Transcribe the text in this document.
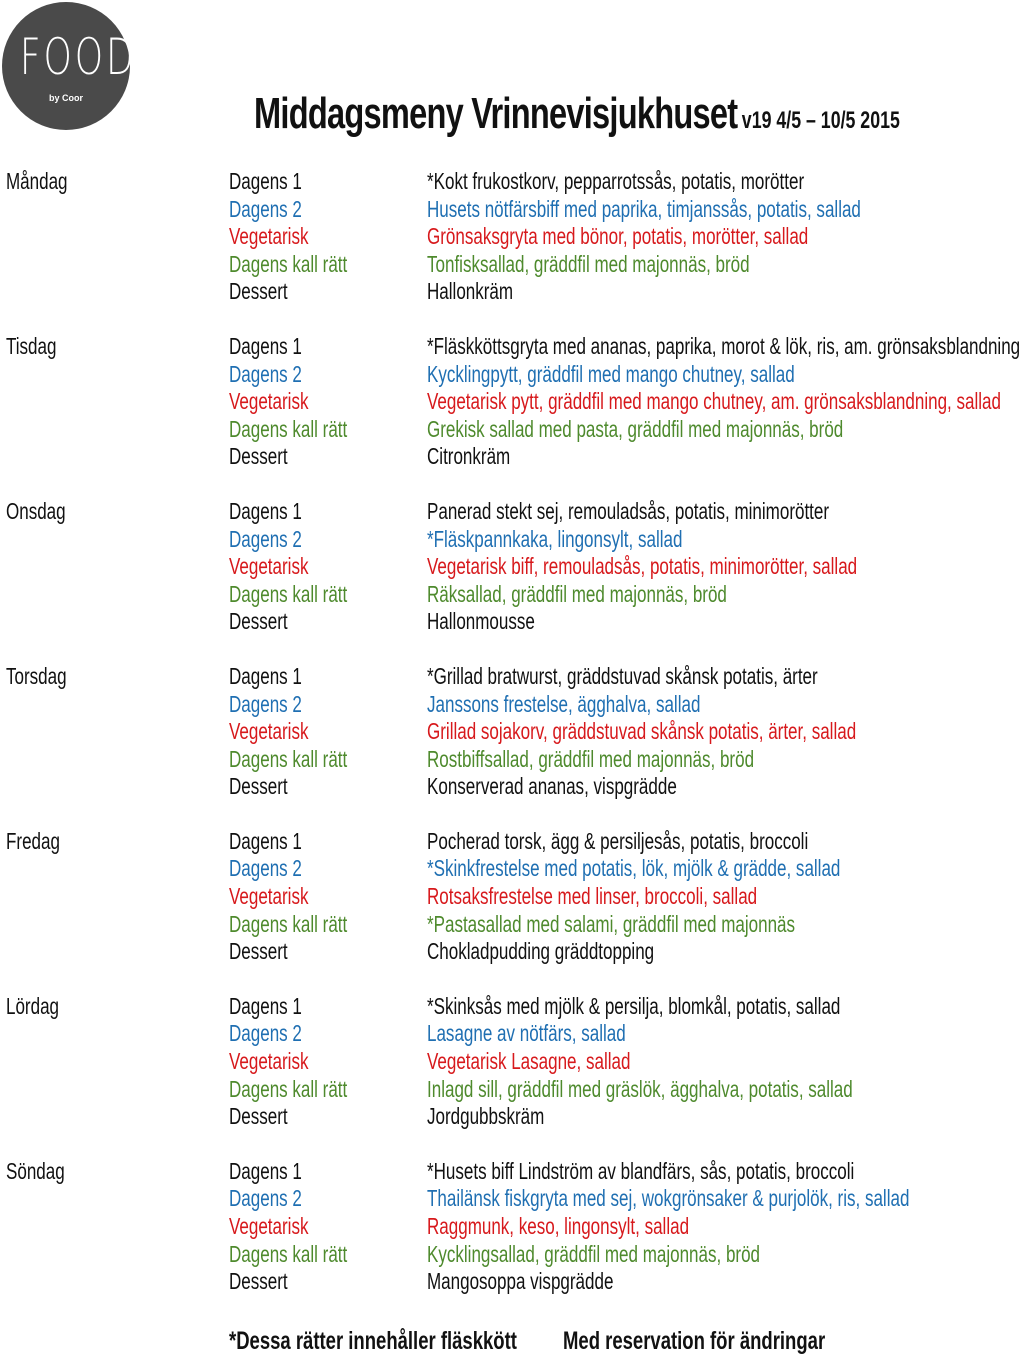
FOOD
by Coor	Middagsmeny Vrinnevisjukhuset v19 4/5 – 10/5 2015
Måndag	Dagens 1	*Kokt frukostkorv, pepparrotssås, potatis, morötter
Dagens 2	Husets nötfärsbiff med paprika, timjanssås, potatis, sallad
Vegetarisk	Grönsaksgryta med bönor, potatis, morötter, sallad
Dagens kall rätt	Tonfisksallad, gräddfil med majonnäs, bröd
Dessert	Hallonkräm
Tisdag	Dagens 1	*Fläskköttsgryta med ananas, paprika, morot & lök, ris, am. grönsaksblandning
Dagens 2	Kycklingpytt, gräddfil med mango chutney, sallad
Vegetarisk	Vegetarisk pytt, gräddfil med mango chutney, am. grönsaksblandning, sallad
Dagens kall rätt	Grekisk sallad med pasta, gräddfil med majonnäs, bröd
Dessert	Citronkräm
Onsdag	Dagens 1	Panerad stekt sej, remouladsås, potatis, minimorötter
Dagens 2	*Fläskpannkaka, lingonsylt, sallad
Vegetarisk	Vegetarisk biff, remouladsås, potatis, minimorötter, sallad
Dagens kall rätt	Räksallad, gräddfil med majonnäs, bröd
Dessert	Hallonmousse
Torsdag	Dagens 1	*Grillad bratwurst, gräddstuvad skånsk potatis, ärter
Dagens 2	Janssons frestelse, ägghalva, sallad
Vegetarisk	Grillad sojakorv, gräddstuvad skånsk potatis, ärter, sallad
Dagens kall rätt	Rostbiffsallad, gräddfil med majonnäs, bröd
Dessert	Konserverad ananas, vispgrädde
Fredag	Dagens 1	Pocherad torsk, ägg & persiljesås, potatis, broccoli
Dagens 2	*Skinkfrestelse med potatis, lök, mjölk & grädde, sallad
Vegetarisk	Rotsaksfrestelse med linser, broccoli, sallad
Dagens kall rätt	*Pastasallad med salami, gräddfil med majonnäs
Dessert	Chokladpudding gräddtopping
Lördag	Dagens 1	*Skinksås med mjölk & persilja, blomkål, potatis, sallad
Dagens 2	Lasagne av nötfärs, sallad
Vegetarisk	Vegetarisk Lasagne, sallad
Dagens kall rätt	Inlagd sill, gräddfil med gräslök, ägghalva, potatis, sallad
Dessert	Jordgubbskräm
Söndag	Dagens 1	*Husets biff Lindström av blandfärs, sås, potatis, broccoli
Dagens 2	Thailänsk fiskgryta med sej, wokgrönsaker & purjolök, ris, sallad
Vegetarisk	Raggmunk, keso, lingonsylt, sallad
Dagens kall rätt	Kycklingsallad, gräddfil med majonnäs, bröd
Dessert	Mangosoppa vispgrädde
*Dessa rätter innehåller fläskkött Med reservation för ändringar
